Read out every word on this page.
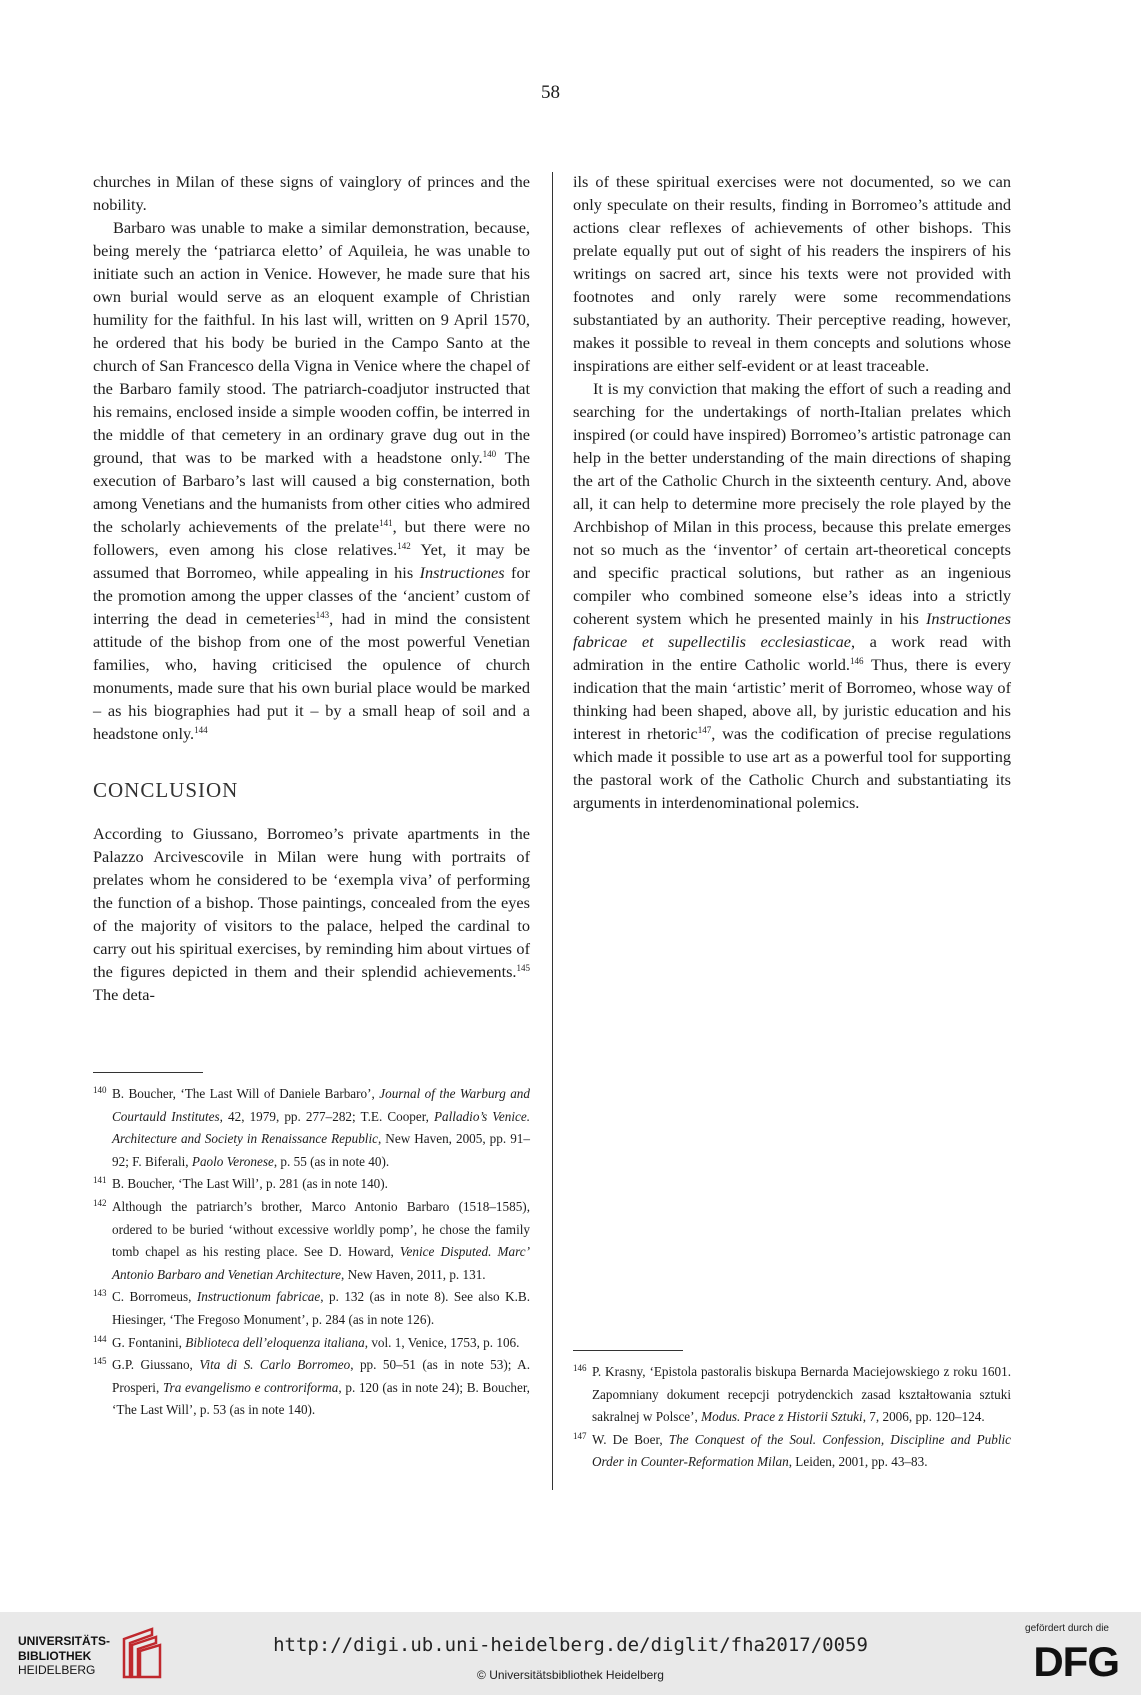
58

churches in Milan of these signs of vainglory of princes and the nobility.

Barbaro was unable to make a similar demonstration, because, being merely the ‘patriarca eletto’ of Aquileia, he was unable to initiate such an action in Venice. However, he made sure that his own burial would serve as an eloquent example of Christian humility for the faithful. In his last will, written on 9 April 1570, he ordered that his body be buried in the Campo Santo at the church of San Francesco della Vigna in Venice where the chapel of the Barbaro family stood. The patriarch-coadjutor instructed that his remains, enclosed inside a simple wooden coffin, be interred in the middle of that cemetery in an ordinary grave dug out in the ground, that was to be marked with a headstone only.$^{140}$ The execution of Barbaro’s last will caused a big consternation, both among Venetians and the humanists from other cities who admired the scholarly achievements of the prelate$^{141}$, but there were no followers, even among his close relatives.$^{142}$ Yet, it may be assumed that Borromeo, while appealing in his Instructiones for the promotion among the upper classes of the ‘ancient’ custom of interring the dead in cemeteries$^{143}$, had in mind the consistent attitude of the bishop from one of the most powerful Venetian families, who, having criticised the opulence of church monuments, made sure that his own burial place would be marked – as his biographies had put it – by a small heap of soil and a headstone only.$^{144}$

CONCLUSION

According to Giussano, Borromeo’s private apartments in the Palazzo Arcivescovile in Milan were hung with portraits of prelates whom he considered to be ‘exempla viva’ of performing the function of a bishop. Those paintings, concealed from the eyes of the majority of visitors to the palace, helped the cardinal to carry out his spiritual exercises, by reminding him about virtues of the figures depicted in them and their splendid achievements.$^{145}$ The deta-

ils of these spiritual exercises were not documented, so we can only speculate on their results, finding in Borromeo’s attitude and actions clear reflexes of achievements of other bishops. This prelate equally put out of sight of his readers the inspirers of his writings on sacred art, since his texts were not provided with footnotes and only rarely were some recommendations substantiated by an authority. Their perceptive reading, however, makes it possible to reveal in them concepts and solutions whose inspirations are either self-evident or at least traceable.

It is my conviction that making the effort of such a reading and searching for the undertakings of north-Italian prelates which inspired (or could have inspired) Borromeo’s artistic patronage can help in the better understanding of the main directions of shaping the art of the Catholic Church in the sixteenth century. And, above all, it can help to determine more precisely the role played by the Archbishop of Milan in this process, because this prelate emerges not so much as the ‘inventor’ of certain art-theoretical concepts and specific practical solutions, but rather as an ingenious compiler who combined someone else’s ideas into a strictly coherent system which he presented mainly in his Instructiones fabricae et supellectilis ecclesiasticae, a work read with admiration in the entire Catholic world.$^{146}$ Thus, there is every indication that the main ‘artistic’ merit of Borromeo, whose way of thinking had been shaped, above all, by juristic education and his interest in rhetoric$^{147}$, was the codification of precise regulations which made it possible to use art as a powerful tool for supporting the pastoral work of the Catholic Church and substantiating its arguments in interdenominational polemics.

140 B. Boucher, ‘The Last Will of Daniele Barbaro’, Journal of the Warburg and Courtauld Institutes, 42, 1979, pp. 277–282; T.E. Cooper, Palladio’s Venice. Architecture and Society in Renaissance Republic, New Haven, 2005, pp. 91–92; F. Biferali, Paolo Veronese, p. 55 (as in note 40).
141 B. Boucher, ‘The Last Will’, p. 281 (as in note 140).
142 Although the patriarch’s brother, Marco Antonio Barbaro (1518–1585), ordered to be buried ‘without excessive worldly pomp’, he chose the family tomb chapel as his resting place. See D. Howard, Venice Disputed. Marc’ Antonio Barbaro and Venetian Architecture, New Haven, 2011, p. 131.
143 C. Borromeus, Instructionum fabricae, p. 132 (as in note 8). See also K.B. Hiesinger, ‘The Fregoso Monument’, p. 284 (as in note 126).
144 G. Fontanini, Biblioteca dell’eloquenza italiana, vol. 1, Venice, 1753, p. 106.
145 G.P. Giussano, Vita di S. Carlo Borromeo, pp. 50–51 (as in note 53); A. Prosperi, Tra evangelismo e controriforma, p. 120 (as in note 24); B. Boucher, ‘The Last Will’, p. 53 (as in note 140).
146 P. Krasny, ‘Epistola pastoralis biskupa Bernarda Maciejowskiego z roku 1601. Zapomniany dokument recepcji potrydenckich zasad kształtowania sztuki sakralnej w Polsce’, Modus. Prace z Historii Sztuki, 7, 2006, pp. 120–124.
147 W. De Boer, The Conquest of the Soul. Confession, Discipline and Public Order in Counter-Reformation Milan, Leiden, 2001, pp. 43–83.
UNIVERSITÄTS-
BIBLIOTHEK
HEIDELBERG
http://digi.ub.uni-heidelberg.de/diglit/fha2017/0059
© Universitätsbibliothek Heidelberg
gefördert durch die
DFG
